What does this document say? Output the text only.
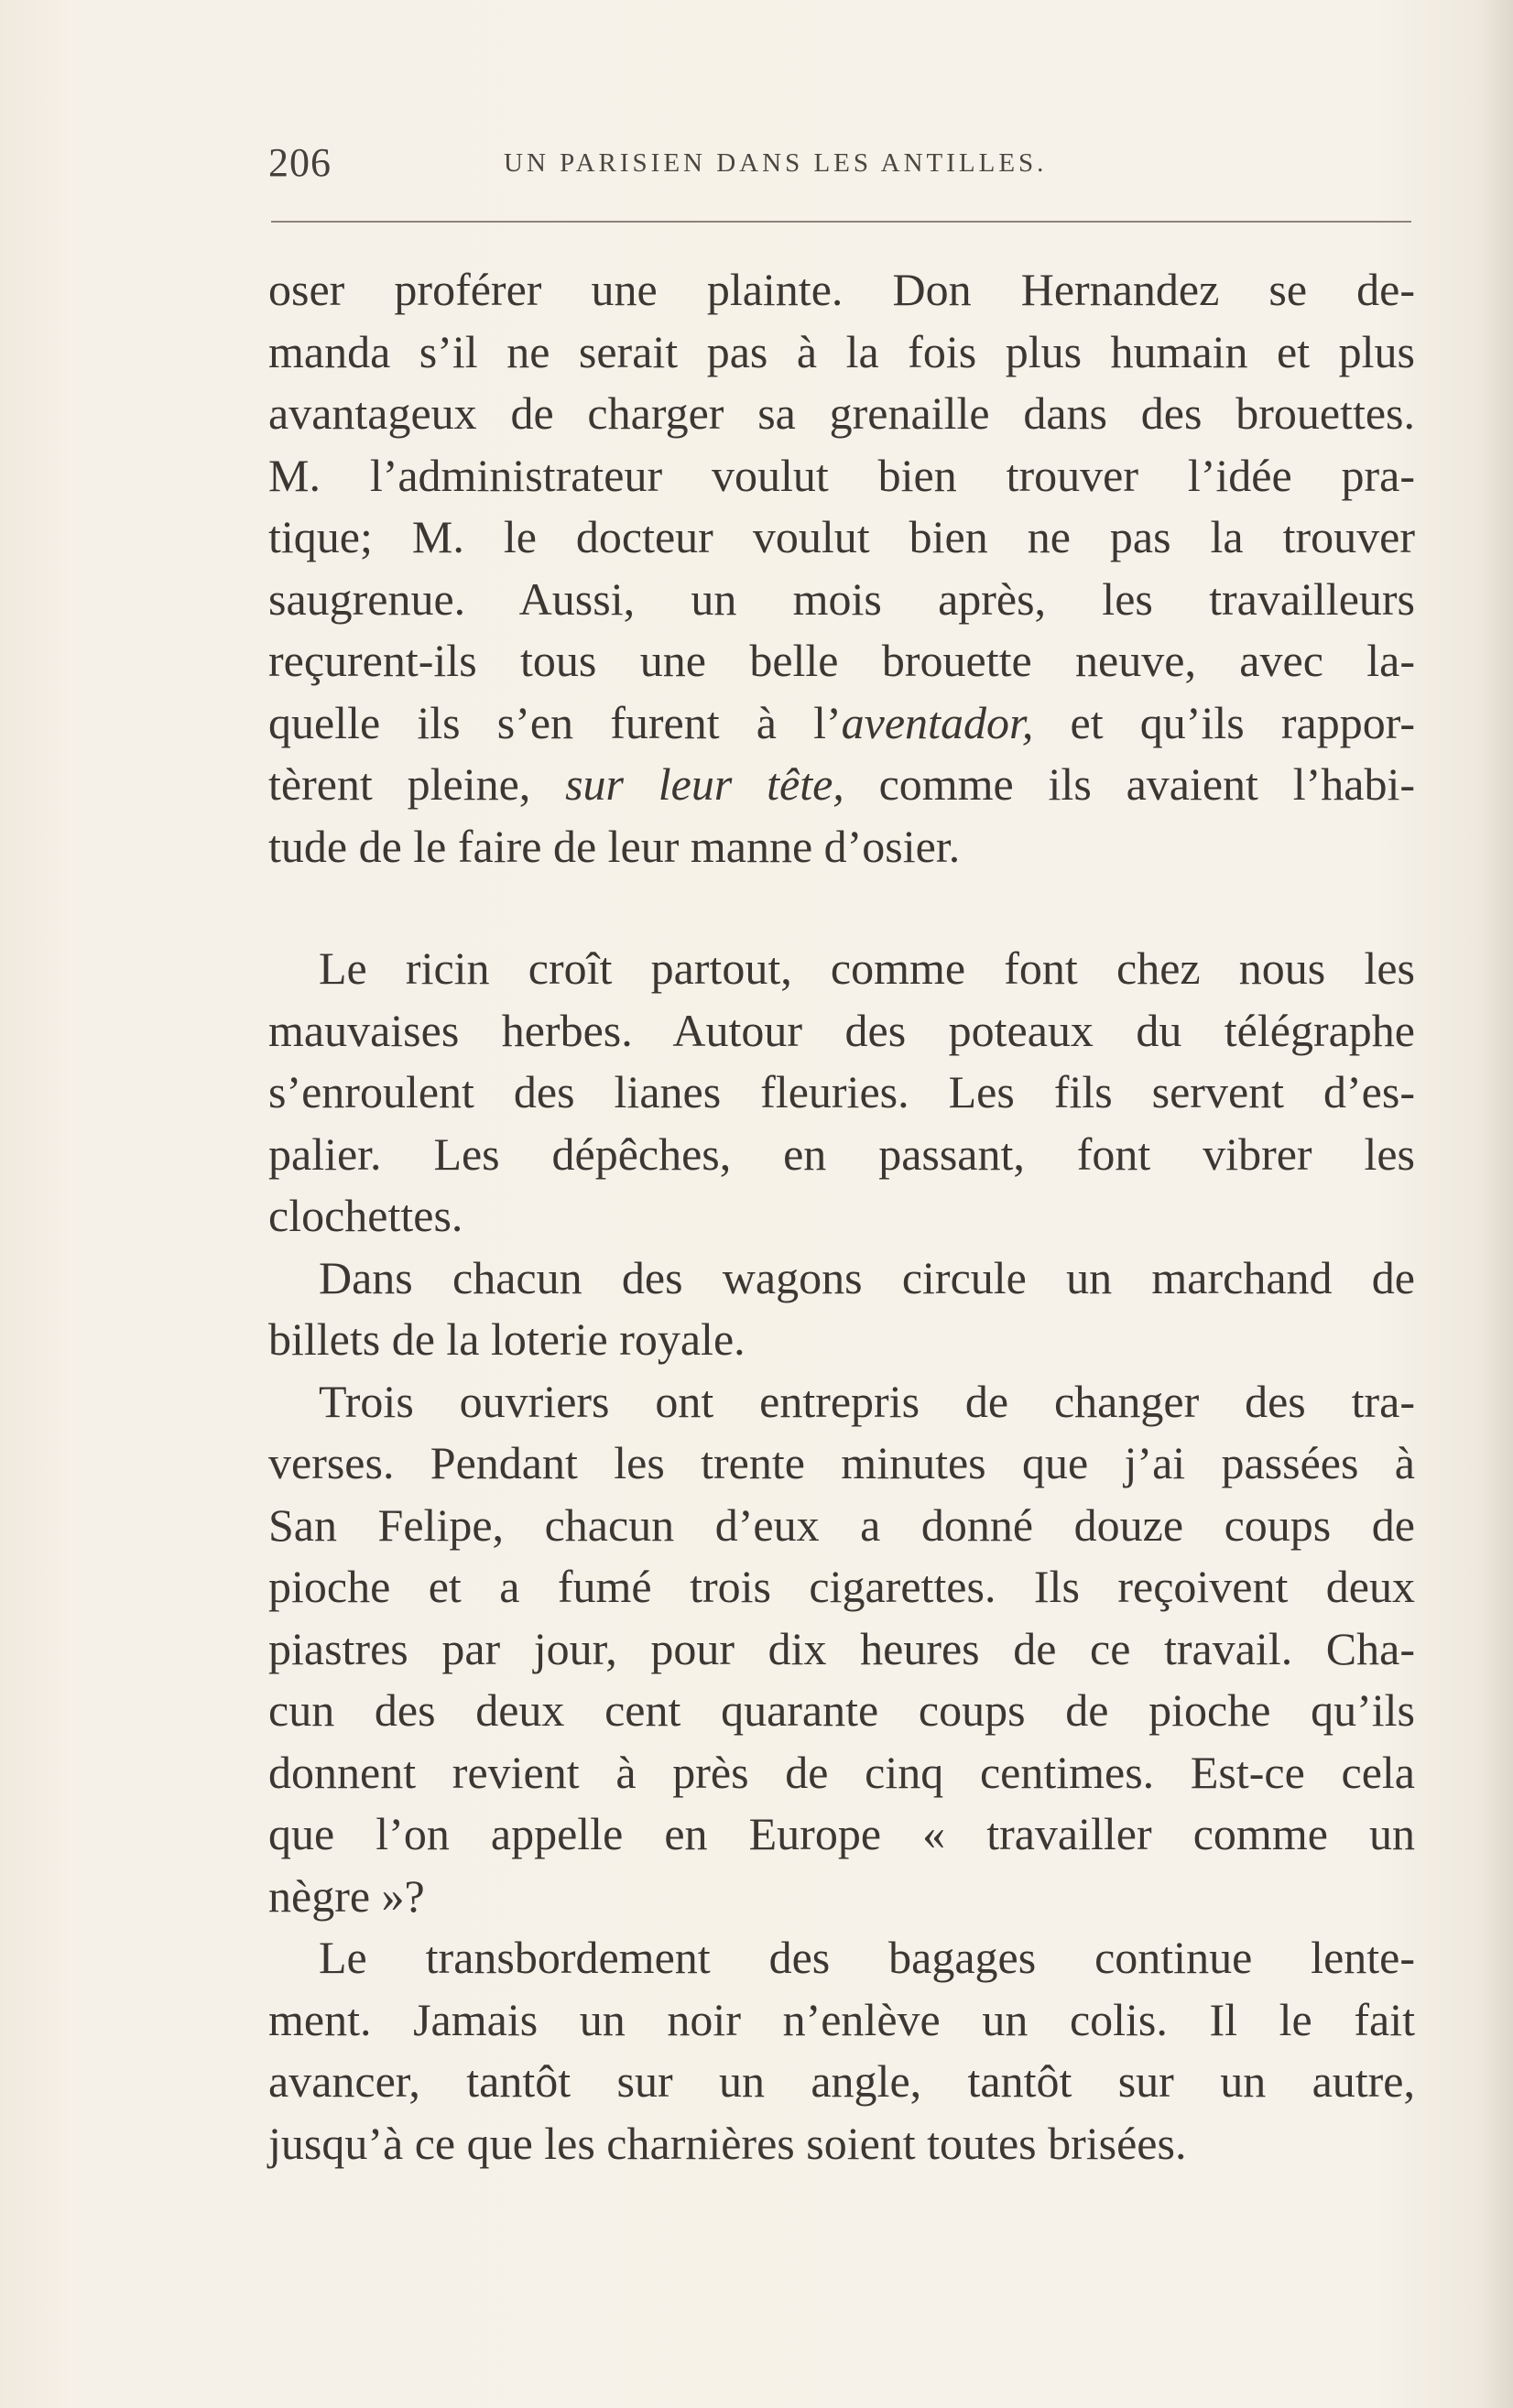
206	UN PARISIEN DANS LES ANTILLES.
oser proférer une plainte. Don Hernandez se de-
manda s’il ne serait pas à la fois plus humain et plus
avantageux de charger sa grenaille dans des brouettes.
M. l’administrateur voulut bien trouver l’idée pra-
tique; M. le docteur voulut bien ne pas la trouver
saugrenue. Aussi, un mois après, les travailleurs
reçurent-ils tous une belle brouette neuve, avec la-
quelle ils s’en furent à l’aventador, et qu’ils rappor-
tèrent pleine, sur leur tête, comme ils avaient l’habi-
tude de le faire de leur manne d’osier.
Le ricin croît partout, comme font chez nous les
mauvaises herbes. Autour des poteaux du télégraphe
s’enroulent des lianes fleuries. Les fils servent d’es-
palier. Les dépêches, en passant, font vibrer les
clochettes.
Dans chacun des wagons circule un marchand de
billets de la loterie royale.
Trois ouvriers ont entrepris de changer des tra-
verses. Pendant les trente minutes que j’ai passées à
San Felipe, chacun d’eux a donné douze coups de
pioche et a fumé trois cigarettes. Ils reçoivent deux
piastres par jour, pour dix heures de ce travail. Cha-
cun des deux cent quarante coups de pioche qu’ils
donnent revient à près de cinq centimes. Est-ce cela
que l’on appelle en Europe « travailler comme un
nègre »?
Le transbordement des bagages continue lente-
ment. Jamais un noir n’enlève un colis. Il le fait
avancer, tantôt sur un angle, tantôt sur un autre,
jusqu’à ce que les charnières soient toutes brisées.
